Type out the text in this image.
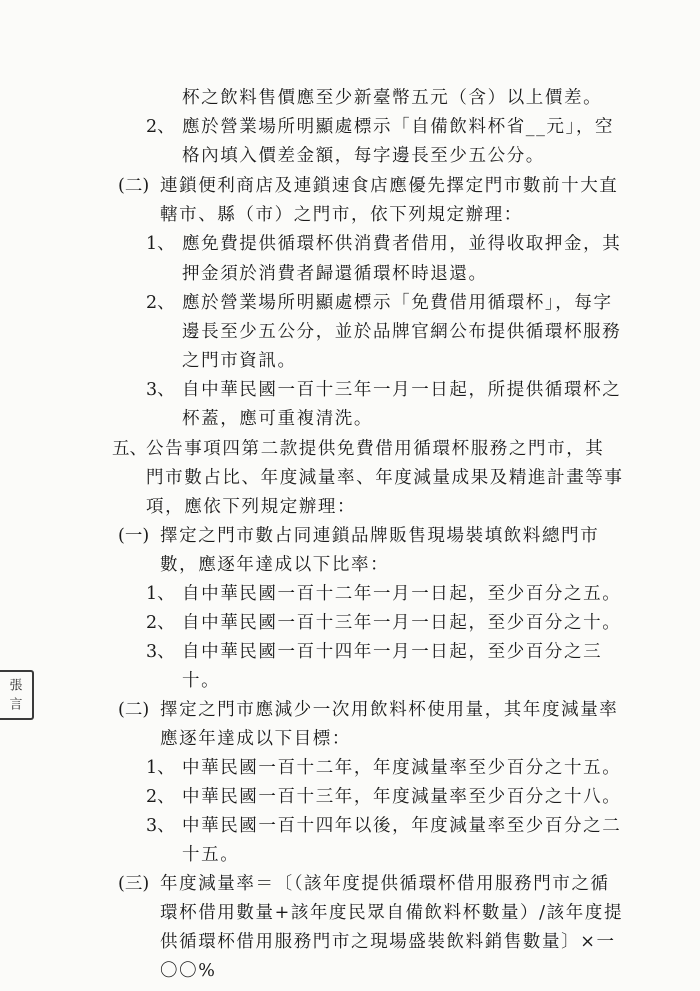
杯之飲料售價應至少新臺幣五元（含）以上價差。
2、 應於營業場所明顯處標示「自備飲料杯省__元」，空
格內填入價差金額，每字邊長至少五公分。
(二) 連鎖便利商店及連鎖速食店應優先擇定門市數前十大直
轄市、縣（市）之門市，依下列規定辦理：
1、 應免費提供循環杯供消費者借用，並得收取押金，其
押金須於消費者歸還循環杯時退還。
2、 應於營業場所明顯處標示「免費借用循環杯」，每字
邊長至少五公分，並於品牌官網公布提供循環杯服務
之門市資訊。
3、 自中華民國一百十三年一月一日起，所提供循環杯之
杯蓋，應可重複清洗。
五、 公告事項四第二款提供免費借用循環杯服務之門市，其
門市數占比、年度減量率、年度減量成果及精進計畫等事
項，應依下列規定辦理：
(一) 擇定之門市數占同連鎖品牌販售現場裝填飲料總門市
數，應逐年達成以下比率：
1、 自中華民國一百十二年一月一日起，至少百分之五。
2、 自中華民國一百十三年一月一日起，至少百分之十。
3、 自中華民國一百十四年一月一日起，至少百分之三
十。
(二) 擇定之門市應減少一次用飲料杯使用量，其年度減量率
應逐年達成以下目標：
1、 中華民國一百十二年，年度減量率至少百分之十五。
2、 中華民國一百十三年，年度減量率至少百分之十八。
3、 中華民國一百十四年以後，年度減量率至少百分之二
十五。
(三) 年度減量率＝〔（該年度提供循環杯借用服務門市之循
環杯借用數量+該年度民眾自備飲料杯數量）/該年度提
供循環杯借用服務門市之現場盛裝飲料銷售數量〕×一
〇〇%
張 言
